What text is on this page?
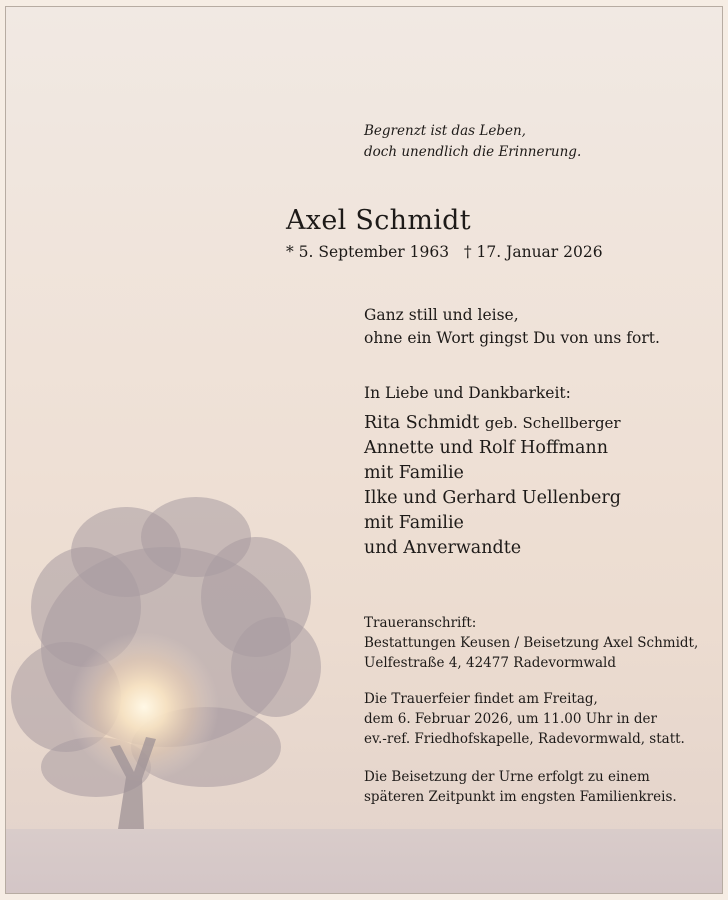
Begrenzt ist das Leben,
doch unendlich die Erinnerung.
Axel Schmidt
* 5. September 1963 † 17. Januar 2026
Ganz still und leise,
ohne ein Wort gingst Du von uns fort.
In Liebe und Dankbarkeit:
Rita Schmidt geb. Schellberger
Annette und Rolf Hoffmann
mit Familie
Ilke und Gerhard Uellenberg
mit Familie
und Anverwandte
Traueranschrift:
Bestattungen Keusen / Beisetzung Axel Schmidt,
Uelfestraße 4, 42477 Radevormwald
Die Trauerfeier findet am Freitag,
dem 6. Februar 2026, um 11.00 Uhr in der
ev.-ref. Friedhofskapelle, Radevormwald, statt.
Die Beisetzung der Urne erfolgt zu einem
späteren Zeitpunkt im engsten Familienkreis.
